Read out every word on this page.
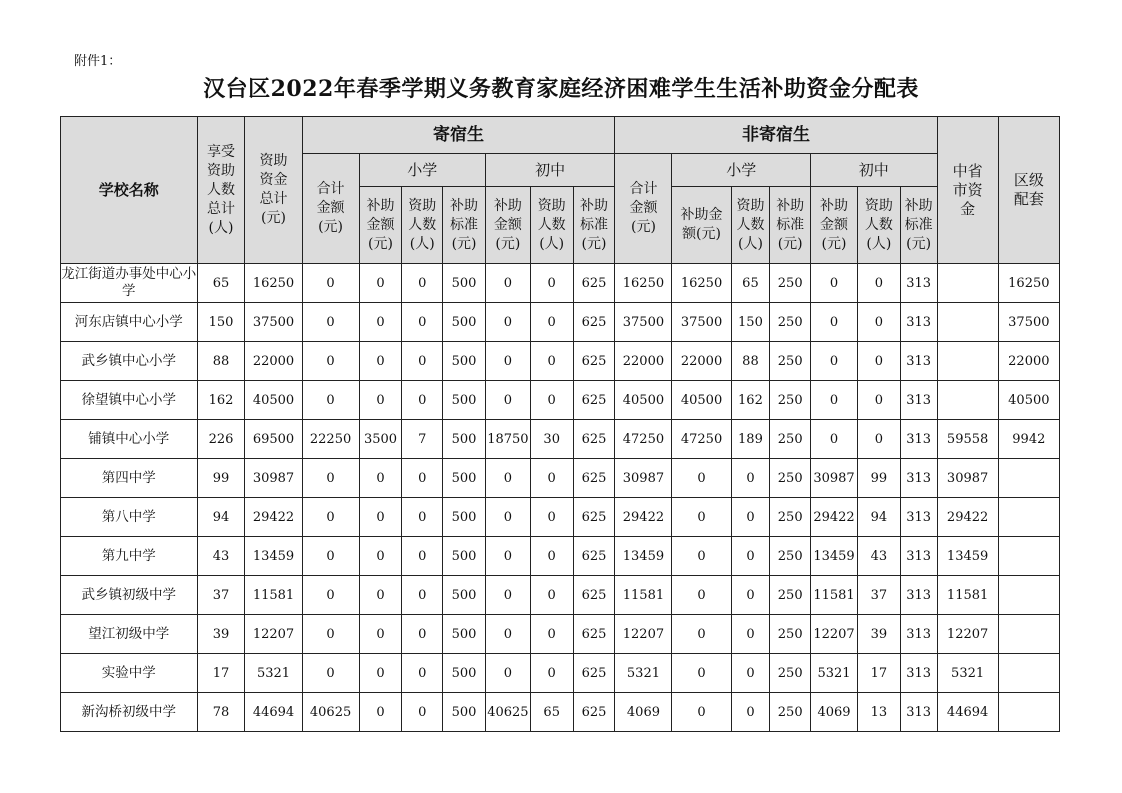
附件1：
汉台区2022年春季学期义务教育家庭经济困难学生生活补助资金分配表
学校名称	享受资助人数总计(人)	资助资金总计(元)	寄宿生							非寄宿生							中省市资金	区级配套
			合计金额(元)	小学			初中			合计金额(元)	小学			初中				

				补助金额(元)	资助人数(人)	补助标准(元)	补助金额(元)	资助人数(人)	补助标准(元)		补助金额(元)	资助人数(人)	补助标准(元)	补助金额(元)	资助人数(人)	补助标准(元)		
龙江街道办事处中心小学	65	16250	0	0	0	500	0	0	625	16250	16250	65	250	0	0	313		16250
河东店镇中心小学	150	37500	0	0	0	500	0	0	625	37500	37500	150	250	0	0	313		37500
武乡镇中心小学	88	22000	0	0	0	500	0	0	625	22000	22000	88	250	0	0	313		22000
徐望镇中心小学	162	40500	0	0	0	500	0	0	625	40500	40500	162	250	0	0	313		40500
铺镇中心小学	226	69500	22250	3500	7	500	18750	30	625	47250	47250	189	250	0	0	313	59558	9942
第四中学	99	30987	0	0	0	500	0	0	625	30987	0	0	250	30987	99	313	30987	
第八中学	94	29422	0	0	0	500	0	0	625	29422	0	0	250	29422	94	313	29422	
第九中学	43	13459	0	0	0	500	0	0	625	13459	0	0	250	13459	43	313	13459	
武乡镇初级中学	37	11581	0	0	0	500	0	0	625	11581	0	0	250	11581	37	313	11581	
望江初级中学	39	12207	0	0	0	500	0	0	625	12207	0	0	250	12207	39	313	12207	
实验中学	17	5321	0	0	0	500	0	0	625	5321	0	0	250	5321	17	313	5321	
新沟桥初级中学	78	44694	40625	0	0	500	40625	65	625	4069	0	0	250	4069	13	313	44694	
